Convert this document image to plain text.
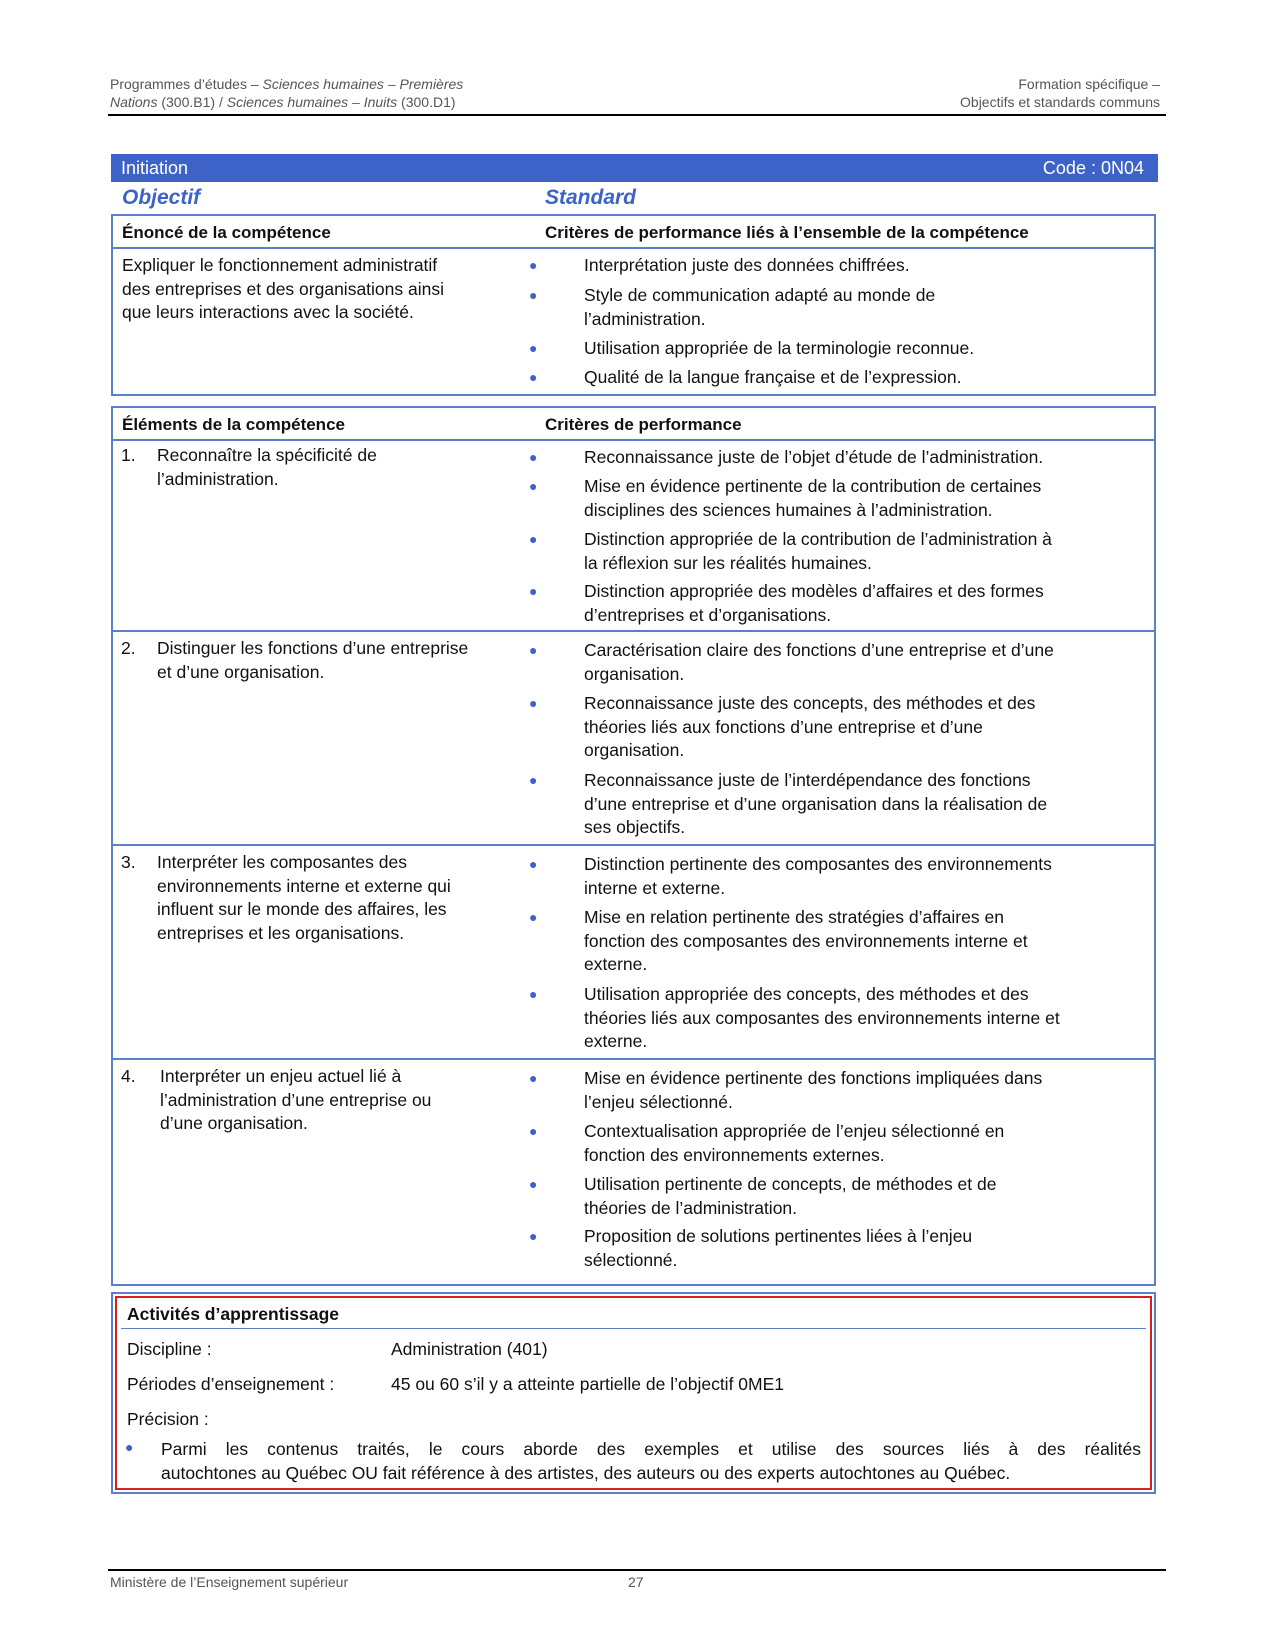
Programmes d’études – Sciences humaines – Premières	Formation spécifique –
Nations (300.B1) / Sciences humaines – Inuits (300.D1)	Objectifs et standards communs
Initiation	Code : 0N04
Objectif	Standard
Énoncé de la compétence	Critères de performance liés à l’ensemble de la compétence
Expliquer le fonctionnement administratif
des entreprises et des organisations ainsi
que leurs interactions avec la société.
●	Interprétation juste des données chiffrées.
●	Style de communication adapté au monde de
l’administration.
●	Utilisation appropriée de la terminologie reconnue.
●	Qualité de la langue française et de l’expression.
Éléments de la compétence	Critères de performance
1. Reconnaître la spécificité de
l’administration.
●	Reconnaissance juste de l’objet d’étude de l’administration.
●	Mise en évidence pertinente de la contribution de certaines
disciplines des sciences humaines à l’administration.
●	Distinction appropriée de la contribution de l’administration à
la réflexion sur les réalités humaines.
●	Distinction appropriée des modèles d’affaires et des formes
d’entreprises et d’organisations.
2. Distinguer les fonctions d’une entreprise
et d’une organisation.
●	Caractérisation claire des fonctions d’une entreprise et d’une
organisation.
●	Reconnaissance juste des concepts, des méthodes et des
théories liés aux fonctions d’une entreprise et d’une
organisation.
●	Reconnaissance juste de l’interdépendance des fonctions
d’une entreprise et d’une organisation dans la réalisation de
ses objectifs.
3. Interpréter les composantes des
environnements interne et externe qui
influent sur le monde des affaires, les
entreprises et les organisations.
●	Distinction pertinente des composantes des environnements
interne et externe.
●	Mise en relation pertinente des stratégies d’affaires en
fonction des composantes des environnements interne et
externe.
●	Utilisation appropriée des concepts, des méthodes et des
théories liés aux composantes des environnements interne et
externe.
4. Interpréter un enjeu actuel lié à
l’administration d’une entreprise ou
d’une organisation.
●	Mise en évidence pertinente des fonctions impliquées dans
l’enjeu sélectionné.
●	Contextualisation appropriée de l’enjeu sélectionné en
fonction des environnements externes.
●	Utilisation pertinente de concepts, de méthodes et de
théories de l’administration.
●	Proposition de solutions pertinentes liées à l’enjeu
sélectionné.
Activités d’apprentissage
Discipline :	Administration (401)
Périodes d’enseignement :	45 ou 60 s’il y a atteinte partielle de l’objectif 0ME1
Précision :
● Parmi les contenus traités, le cours aborde des exemples et utilise des sources liés à des réalités
autochtones au Québec OU fait référence à des artistes, des auteurs ou des experts autochtones au Québec.
Ministère de l’Enseignement supérieur	27
